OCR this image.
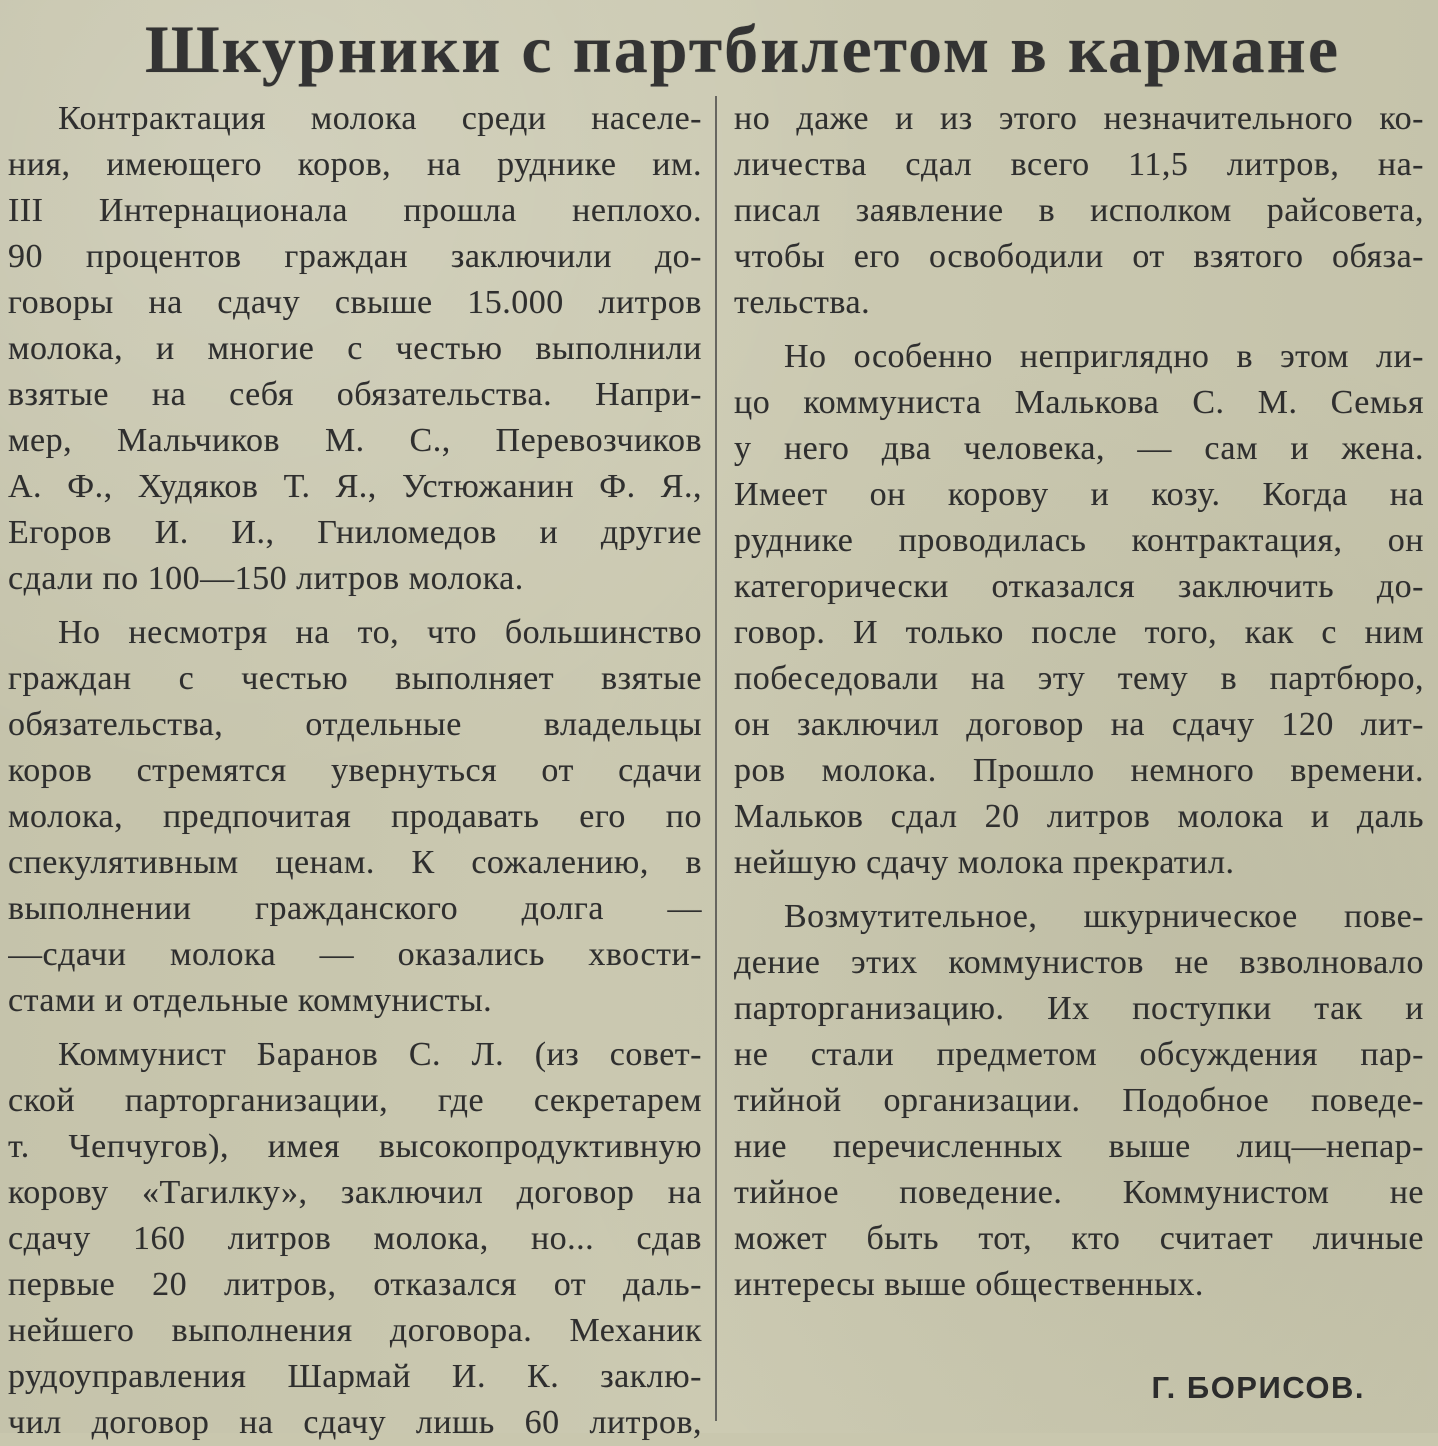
Шкурники с партбилетом в кармане
Контрактация молока среди населе-
ния, имеющего коров, на руднике им.
III Интернационала прошла неплохо.
90 процентов граждан заключили до-
говоры на сдачу свыше 15.000 литров
молока, и многие с честью выполнили
взятые на себя обязательства. Напри-
мер, Мальчиков М. С., Перевозчиков
А. Ф., Худяков Т. Я., Устюжанин Ф. Я.,
Егоров И. И., Гниломедов и другие
сдали по 100—150 литров молока.
Но несмотря на то, что большинство
граждан с честью выполняет взятые
обязательства, отдельные владельцы
коров стремятся увернуться от сдачи
молока, предпочитая продавать его по
спекулятивным ценам. К сожалению, в
выполнении гражданского долга —
—сдачи молока — оказались хвости-
стами и отдельные коммунисты.
Коммунист Баранов С. Л. (из совет-
ской парторганизации, где секретарем
т. Чепчугов), имея высокопродуктивную
корову «Тагилку», заключил договор на
сдачу 160 литров молока, но... сдав
первые 20 литров, отказался от даль-
нейшего выполнения договора. Механик
рудоуправления Шармай И. К. заклю-
чил договор на сдачу лишь 60 литров,
но даже и из этого незначительного ко-
личества сдал всего 11,5 литров, на-
писал заявление в исполком райсовета,
чтобы его освободили от взятого обяза-
тельства.
Но особенно неприглядно в этом ли-
цо коммуниста Малькова С. М. Семья
у него два человека, — сам и жена.
Имеет он корову и козу. Когда на
руднике проводилась контрактация, он
категорически отказался заключить до-
говор. И только после того, как с ним
побеседовали на эту тему в партбюро,
он заключил договор на сдачу 120 лит-
ров молока. Прошло немного времени.
Мальков сдал 20 литров молока и даль
нейшую сдачу молока прекратил.
Возмутительное, шкурническое пове-
дение этих коммунистов не взволновало
парторганизацию. Их поступки так и
не стали предметом обсуждения пар-
тийной организации. Подобное поведе-
ние перечисленных выше лиц—непар-
тийное поведение. Коммунистом не
может быть тот, кто считает личные
интересы выше общественных.
Г. БОРИСОВ.
